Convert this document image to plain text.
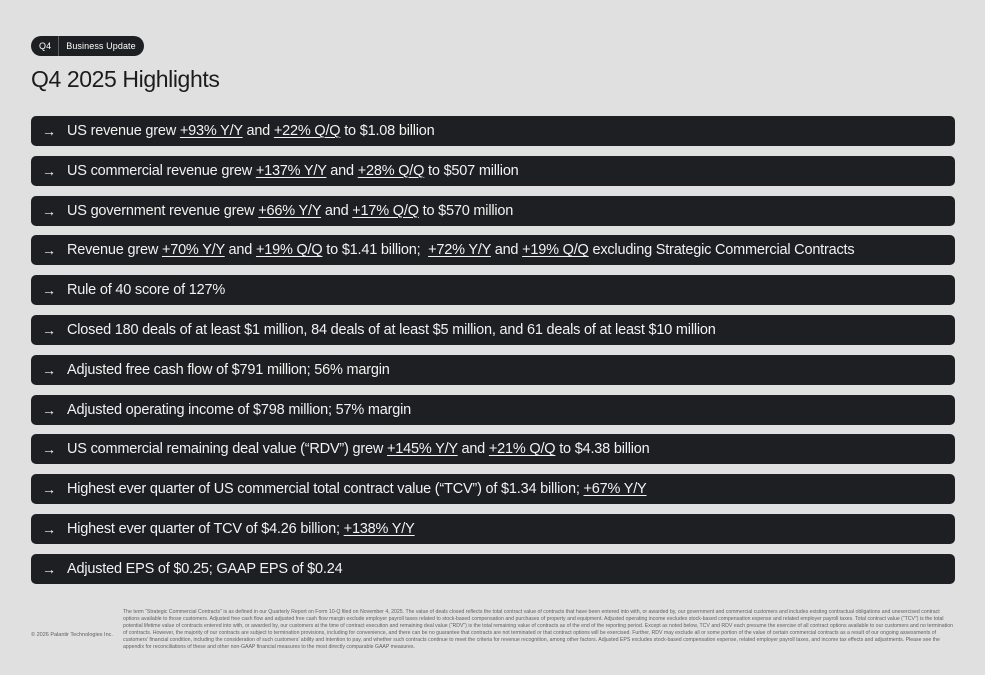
Q4	Business Update
Q4 2025 Highlights
→ US revenue grew +93% Y/Y and +22% Q/Q to $1.08 billion
→ US commercial revenue grew +137% Y/Y and +28% Q/Q to $507 million
→ US government revenue grew +66% Y/Y and +17% Q/Q to $570 million
→ Revenue grew +70% Y/Y and +19% Q/Q to $1.41 billion;  +72% Y/Y and +19% Q/Q excluding Strategic Commercial Contracts
→ Rule of 40 score of 127%
→ Closed 180 deals of at least $1 million, 84 deals of at least $5 million, and 61 deals of at least $10 million
→ Adjusted free cash flow of $791 million; 56% margin
→ Adjusted operating income of $798 million; 57% margin
→ US commercial remaining deal value (“RDV”) grew +145% Y/Y and +21% Q/Q to $4.38 billion
→ Highest ever quarter of US commercial total contract value (“TCV”) of $1.34 billion; +67% Y/Y
→ Highest ever quarter of TCV of $4.26 billion; +138% Y/Y
→ Adjusted EPS of $0.25; GAAP EPS of $0.24
© 2026 Palantir Technologies Inc.

The term “Strategic Commercial Contracts” is as defined in our Quarterly Report on Form 10-Q filed on November 4, 2025. The value of deals closed reflects the total contract value of contracts that have been entered into with, or awarded by, our government and commercial customers and includes existing contractual obligations and unexercised contract options available to those customers. Adjusted free cash flow and adjusted free cash flow margin exclude employer payroll taxes related to stock-based compensation and purchases of property and equipment. Adjusted operating income excludes stock-based compensation expense and related employer payroll taxes. Total contract value (“TCV”) is the total potential lifetime value of contracts entered into with, or awarded by, our customers at the time of contract execution and remaining deal value (“RDV”) is the total remaining value of contracts as of the end of the reporting period. Except as noted below, TCV and RDV each presume the exercise of all contract options available to our customers and no termination of contracts. However, the majority of our contracts are subject to termination provisions, including for convenience, and there can be no guarantee that contracts are not terminated or that contract options will be exercised. Further, RDV may exclude all or some portion of the value of certain commercial contracts as a result of our ongoing assessments of customers’ financial condition, including the consideration of such customers’ ability and intention to pay, and whether such contracts continue to meet the criteria for revenue recognition, among other factors. Adjusted EPS excludes stock-based compensation expense, related employer payroll taxes, and income tax effects and adjustments. Please see the appendix for reconciliations of these and other non-GAAP financial measures to the most directly comparable GAAP measures.
